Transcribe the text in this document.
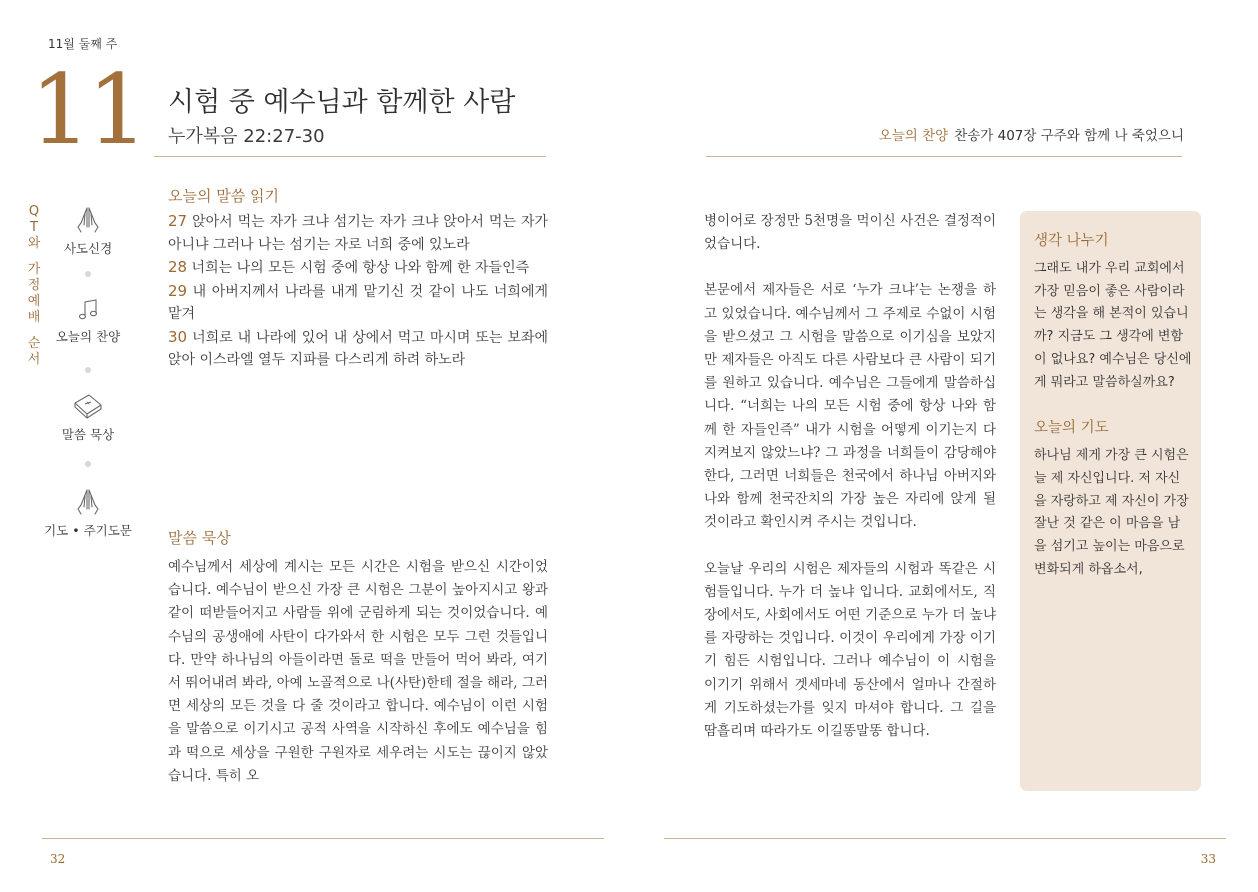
11월 둘째 주
11 시험 중 예수님과 함께한 사람
누가복음 22:27-30	오늘의 찬양 찬송가 407장 구주와 함께 나 죽었으니
Q
T
와
가
정
예
배
순
서
사도신경
오늘의 찬양
말씀 묵상
기도 • 주기도문
오늘의 말씀 읽기

27 앉아서 먹는 자가 크냐 섬기는 자가 크냐 앉아서 먹는 자가 아니냐 그러나 나는 섬기는 자로 너희 중에 있노라

28 너희는 나의 모든 시험 중에 항상 나와 함께 한 자들인즉

29 내 아버지께서 나라를 내게 맡기신 것 같이 나도 너희에게 맡겨

30 너희로 내 나라에 있어 내 상에서 먹고 마시며 또는 보좌에 앉아 이스라엘 열두 지파를 다스리게 하려 하노라

말씀 묵상

예수님께서 세상에 계시는 모든 시간은 시험을 받으신 시간이었습니다. 예수님이 받으신 가장 큰 시험은 그분이 높아지시고 왕과 같이 떠받들어지고 사람들 위에 군림하게 되는 것이었습니다. 예수님의 공생애에 사탄이 다가와서 한 시험은 모두 그런 것들입니다. 만약 하나님의 아들이라면 돌로 떡을 만들어 먹어 봐라, 여기서 뛰어내려 봐라, 아예 노골적으로 나(사탄)한테 절을 해라, 그러면 세상의 모든 것을 다 줄 것이라고 합니다. 예수님이 이런 시험을 말씀으로 이기시고 공적 사역을 시작하신 후에도 예수님을 힘과 떡으로 세상을 구원한 구원자로 세우려는 시도는 끊이지 않았습니다. 특히 오

병이어로 장정만 5천명을 먹이신 사건은 결정적이었습니다.

본문에서 제자들은 서로 ‘누가 크냐’는 논쟁을 하고 있었습니다. 예수님께서 그 주제로 수없이 시험을 받으셨고 그 시험을 말씀으로 이기심을 보았지만 제자들은 아직도 다른 사람보다 큰 사람이 되기를 원하고 있습니다. 예수님은 그들에게 말씀하십니다. “너희는 나의 모든 시험 중에 항상 나와 함께 한 자들인즉” 내가 시험을 어떻게 이기는지 다 지켜보지 않았느냐? 그 과정을 너희들이 감당해야 한다, 그러면 너희들은 천국에서 하나님 아버지와 나와 함께 천국잔치의 가장 높은 자리에 앉게 될 것이라고 확인시켜 주시는 것입니다.

오늘날 우리의 시험은 제자들의 시험과 똑같은 시험들입니다. 누가 더 높냐 입니다. 교회에서도, 직장에서도, 사회에서도 어떤 기준으로 누가 더 높냐를 자랑하는 것입니다. 이것이 우리에게 가장 이기기 힘든 시험입니다. 그러나 예수님이 이 시험을 이기기 위해서 겟세마네 동산에서 얼마나 간절하게 기도하셨는가를 잊지 마셔야 합니다. 그 길을 땀흘리며 따라가도 이길똥말똥 합니다.

생각 나누기

그래도 내가 우리 교회에서 가장 믿음이 좋은 사람이라는 생각을 해 본적이 있습니까? 지금도 그 생각에 변함이 없나요? 예수님은 당신에게 뭐라고 말씀하실까요?

오늘의 기도

하나님 제게 가장 큰 시험은 늘 제 자신입니다. 저 자신을 자랑하고 제 자신이 가장 잘난 것 같은 이 마음을 남을 섬기고 높이는 마음으로 변화되게 하옵소서,

32	33
